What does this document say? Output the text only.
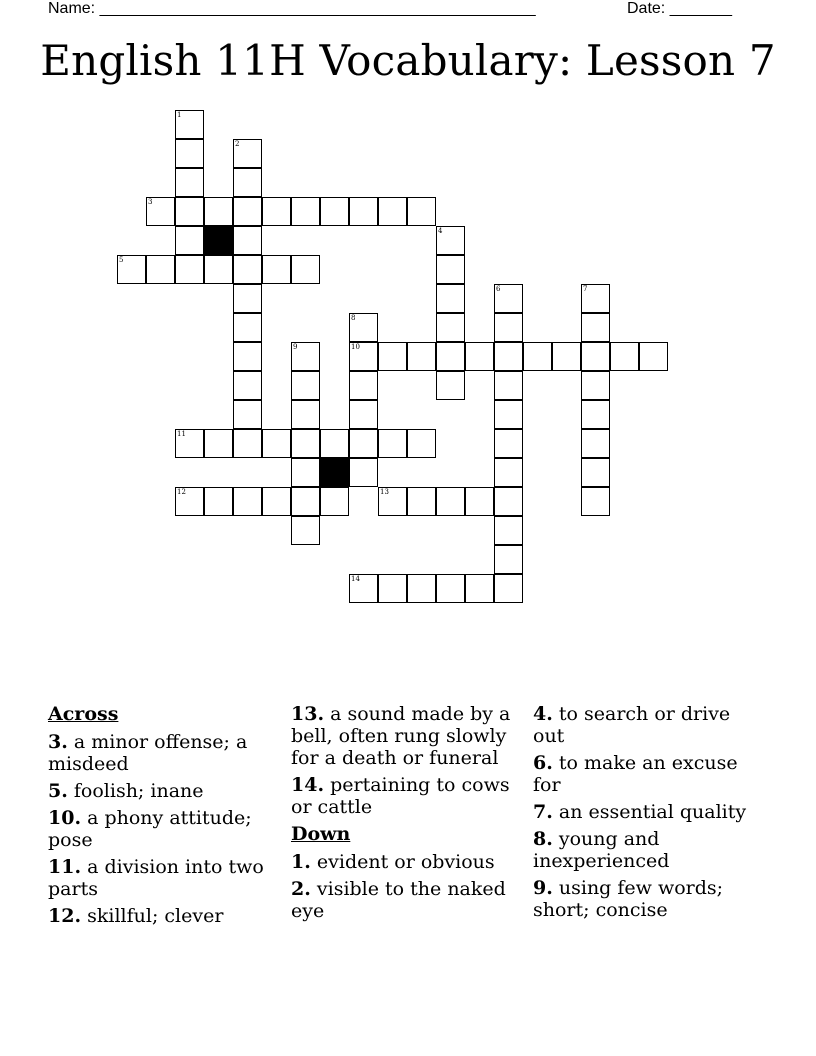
Name: _________________________________________________	Date: _______
English 11H Vocabulary: Lesson 7
1
2
3
4
5
6	7
8
9	10
11
12	13
14
Across
3. a minor offense; a misdeed
5. foolish; inane
10. a phony attitude; pose
11. a division into two parts
12. skillful; clever
13. a sound made by a bell, often rung slowly for a death or funeral
14. pertaining to cows or cattle
Down
1. evident or obvious
2. visible to the naked eye
4. to search or drive out
6. to make an excuse for
7. an essential quality
8. young and inexperienced
9. using few words; short; concise
